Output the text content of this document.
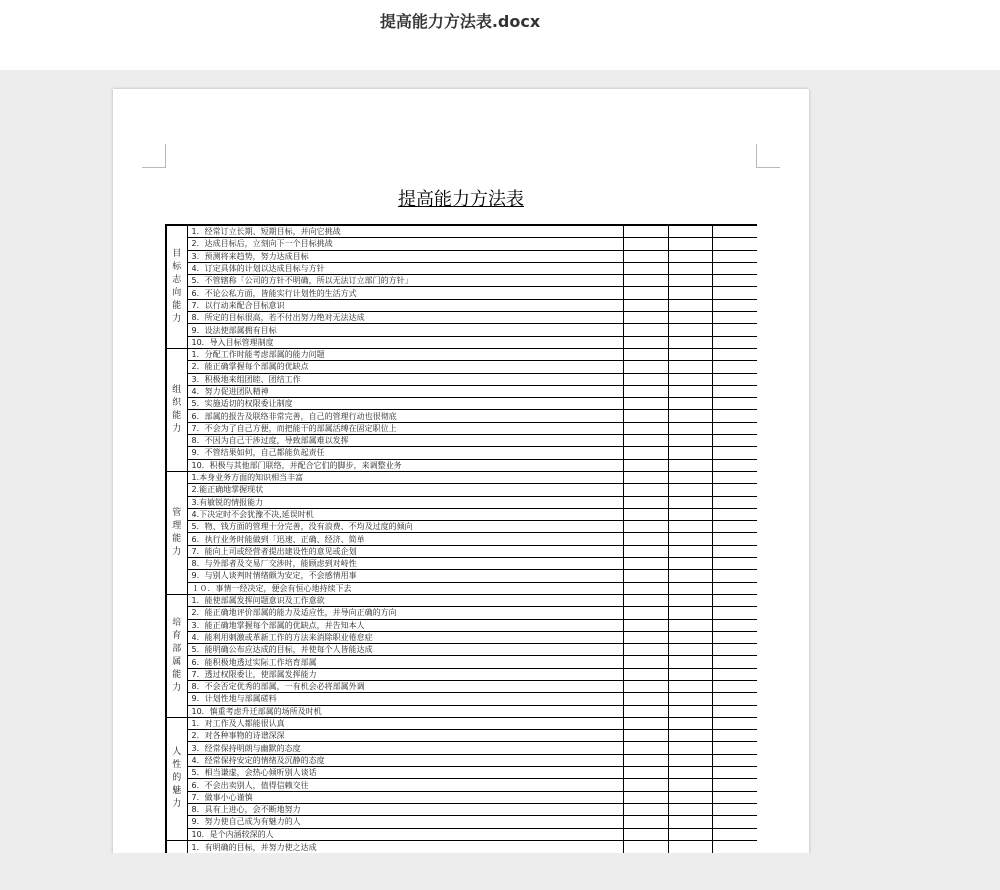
提高能力方法表.docx
提高能力方法表
目标志向能力	1．经常订立长期、短期目标，并向它挑战			
	2．达成目标后，立刻向下一个目标挑战			
	3．预测将来趋势，努力达成目标			
	4．订定具体的计划以达成目标与方针			
	5．不管辖称「公司的方针不明确，所以无法订立部门的方针」			
	6．不论公私方面，皆能实行计划性的生活方式			
	7．以行动来配合目标意识			
	8．所定的目标很高，若不付出努力绝对无法达成			
	9．设法使部属拥有目标			
	10．导入目标管理制度			
组织能力	1．分配工作时能考虑部属的能力问题			
	2．能正确掌握每个部属的优缺点			
	3．积极地来组团睦、团结工作			
	4．努力促进团队精神			
	5．实施适切的权限委让制度			
	6．部属的报告及联络非常完善，自己的管理行动也很彻底			
	7．不会为了自己方便，而把能干的部属活缚在固定职位上			
	8．不因为自己干涉过度，导致部属难以发挥			
	9．不管结果如何，自己都能负起责任			
	10．积极与其他部门联络，并配合它们的脚步，来调整业务			
管理能力	1.本身业务方面的知识相当丰富			
	2.能正确地掌握现状			
	3.有敏锐的情报能力			
	4.下决定时不会犹豫不决,延误时机			
	5．物、钱方面的管理十分完善，没有浪费、不均及过度的倾向			
	6．执行业务时能做到「迅速、正确、经济、简单			
	7．能向上司或经营者提出建设性的意见或企划			
	8．与外部者及交易厂交涉时，能顾虑到对峙性			
	9．与别人谈判时情绪颇为安定，不会感情用事			
	１０．事情一经决定，便会有恒心地持续下去			
培育部属能力	1．能使部属发挥问题意识及工作意欲			
	2．能正确地评价部属的能力及适应性，并导向正确的方向			
	3．能正确地掌握每个部属的优缺点，并告知本人			
	4．能利用刺激或革新工作的方法来消除职业倦怠症			
	5．能明确公布应达成的目标，并使每个人皆能达成			
	6．能积极地透过实际工作培育部属			
	7．透过权限委让，使部属发挥能力			
	8．不会否定优秀的部属，一有机会必将部属外调			
	9．计划性地与部属磋料			
	10．慎重考虑升迁部属的场所及时机			
人性的魅力	1．对工作及人都能很认真			
	2．对各种事物的诗谱深深			
	3．经常保持明朗与幽默的态度			
	4．经常保持安定的情绪及沉静的态度			
	5．相当谦虚，会热心倾听别人谈话			
	6．不会出卖别人，值得信赖交往			
	7．做事小心谨慎			
	8．具有上进心，会不断地努力			
	9．努力使自己成为有魅力的人			
	10．是个内涵较深的人			
	1．有明确的目标，并努力使之达成			
